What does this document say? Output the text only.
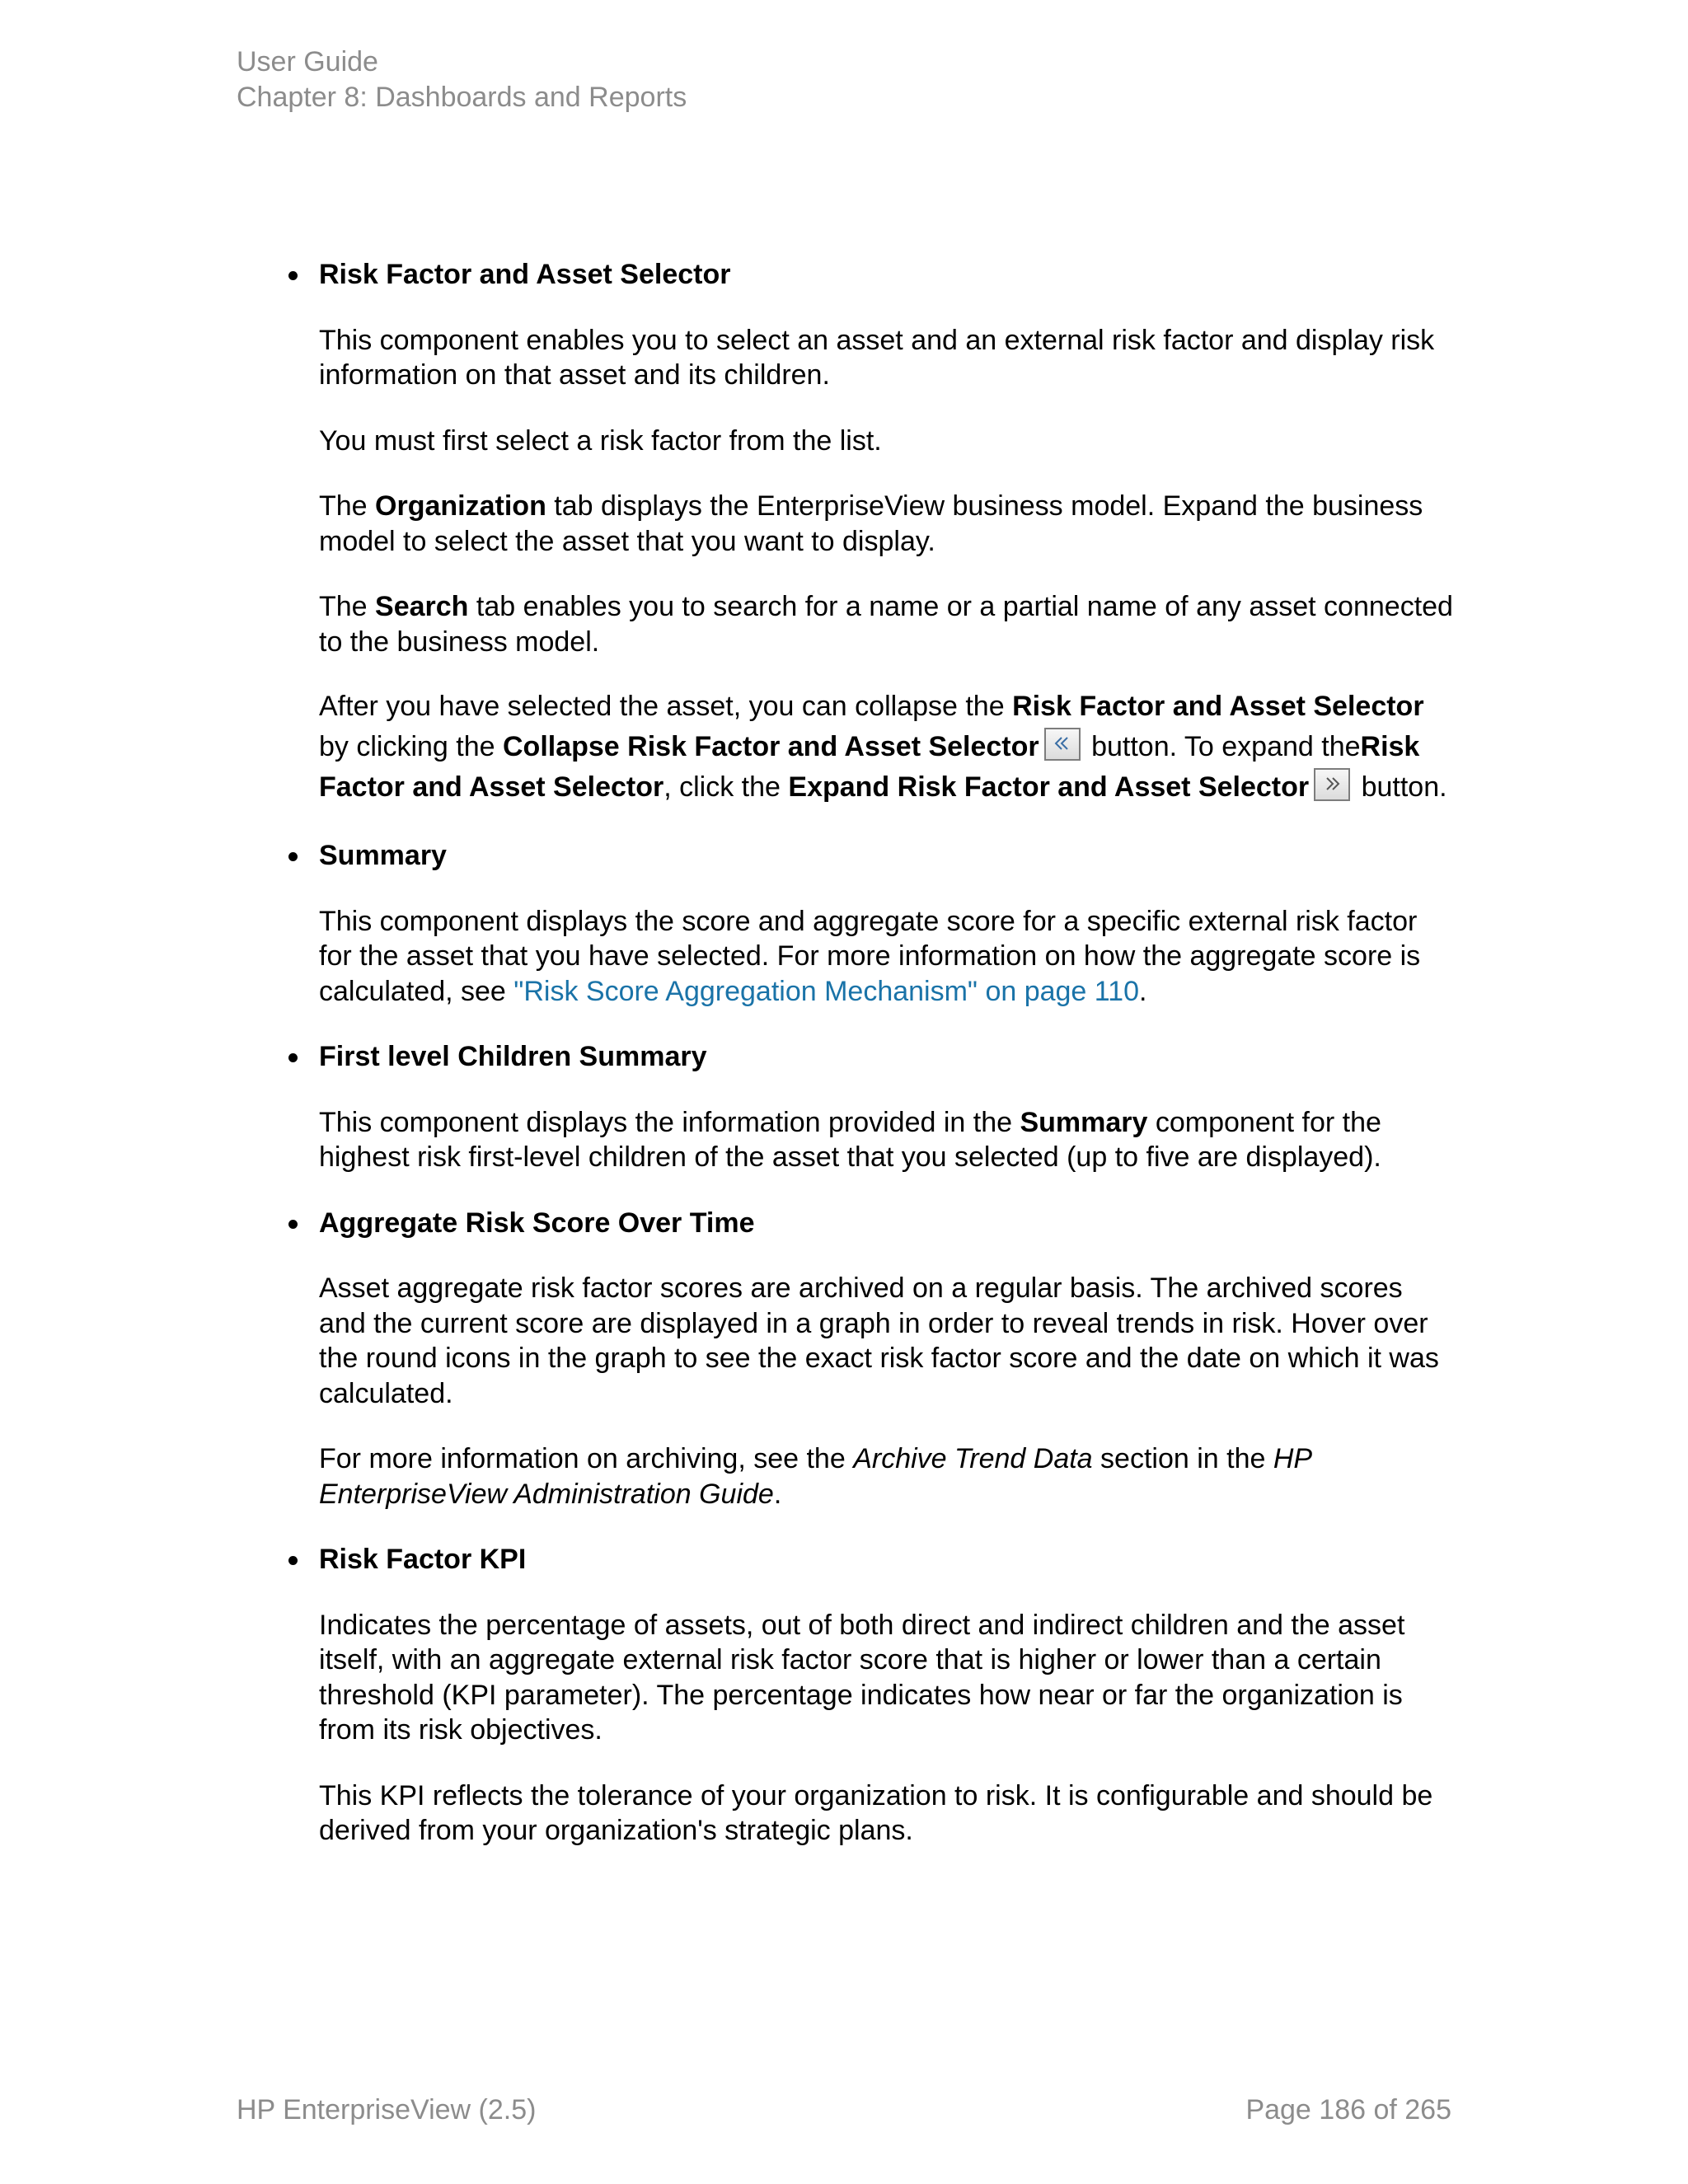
User Guide
Chapter 8: Dashboards and Reports
Risk Factor and Asset Selector

This component enables you to select an asset and an external risk factor and display risk information on that asset and its children.

You must first select a risk factor from the list.

The Organization tab displays the EnterpriseView business model. Expand the business model to select the asset that you want to display.

The Search tab enables you to search for a name or a partial name of any asset connected to the business model.

After you have selected the asset, you can collapse the Risk Factor and Asset Selector by clicking the Collapse Risk Factor and Asset Selector
button. To expand theRisk Factor and Asset Selector, click the Expand Risk Factor and Asset Selector
button.

Summary

This component displays the score and aggregate score for a specific external risk factor for the asset that you have selected. For more information on how the aggregate score is calculated, see "Risk Score Aggregation Mechanism" on page 110.

First level Children Summary

This component displays the information provided in the Summary component for the highest risk first-level children of the asset that you selected (up to five are displayed).

Aggregate Risk Score Over Time

Asset aggregate risk factor scores are archived on a regular basis. The archived scores and the current score are displayed in a graph in order to reveal trends in risk. Hover over the round icons in the graph to see the exact risk factor score and the date on which it was calculated.

For more information on archiving, see the Archive Trend Data section in the HP EnterpriseView Administration Guide.

Risk Factor KPI

Indicates the percentage of assets, out of both direct and indirect children and the asset itself, with an aggregate external risk factor score that is higher or lower than a certain threshold (KPI parameter). The percentage indicates how near or far the organization is from its risk objectives.

This KPI reflects the tolerance of your organization to risk. It is configurable and should be derived from your organization's strategic plans.

HP EnterpriseView (2.5)	Page 186 of 265
